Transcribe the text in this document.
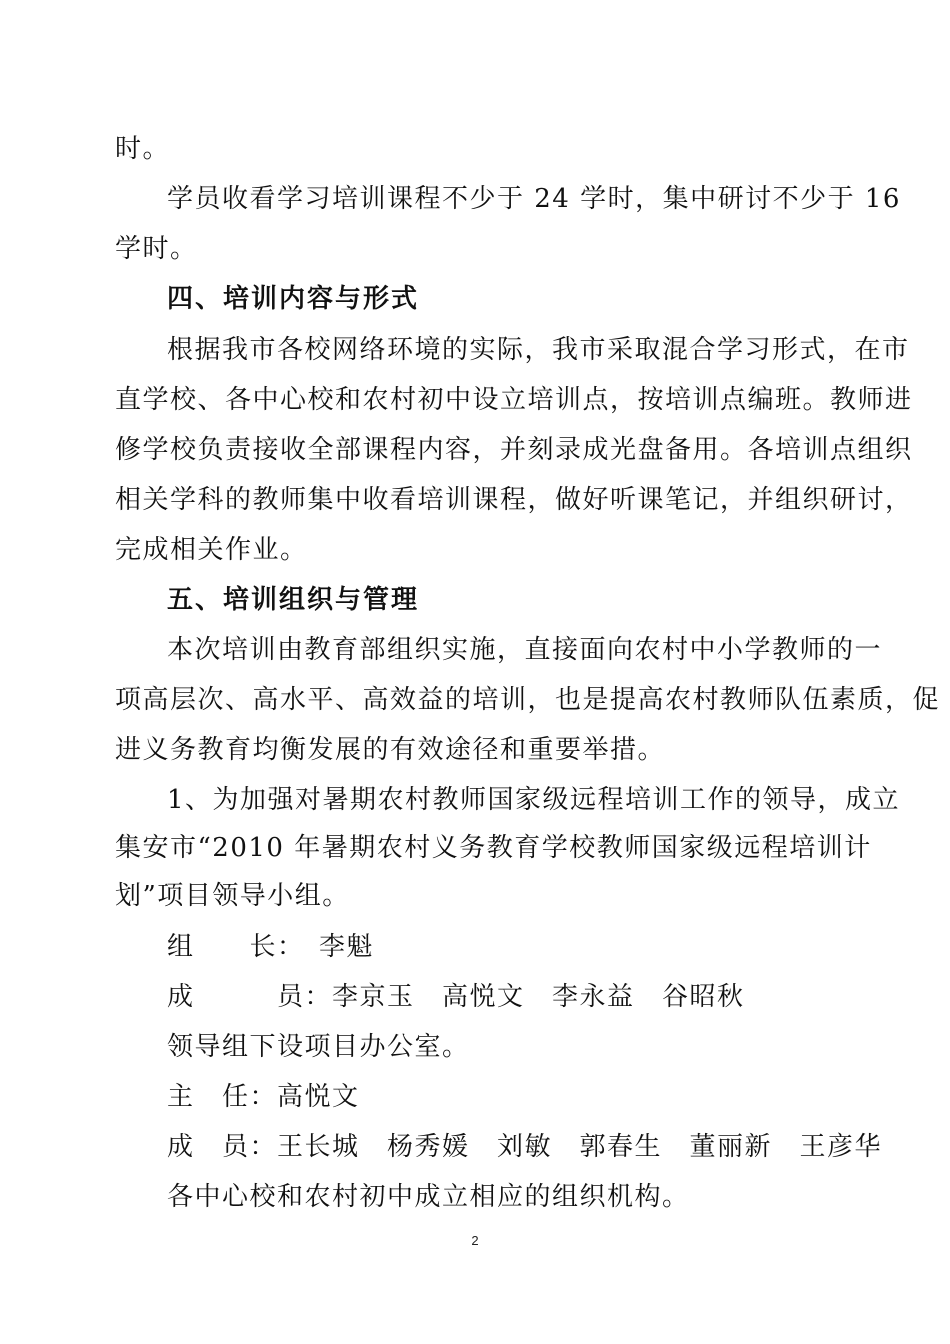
时。
学员收看学习培训课程不少于 24 学时，集中研讨不少于 16
学时。
四、培训内容与形式
根据我市各校网络环境的实际，我市采取混合学习形式，在市
直学校、各中心校和农村初中设立培训点，按培训点编班。教师进
修学校负责接收全部课程内容，并刻录成光盘备用。各培训点组织
相关学科的教师集中收看培训课程，做好听课笔记，并组织研讨，
完成相关作业。
五、培训组织与管理
本次培训由教育部组织实施，直接面向农村中小学教师的一
项高层次、高水平、高效益的培训，也是提高农村教师队伍素质，促
进义务教育均衡发展的有效途径和重要举措。
1、为加强对暑期农村教师国家级远程培训工作的领导，成立
集安市“2010 年暑期农村义务教育学校教师国家级远程培训计
划”项目领导小组。
组　　长：　李魁
成　　　员：李京玉　高悦文　李永益　谷昭秋
领导组下设项目办公室。
主　任：高悦文
成　员：王长城　杨秀媛　刘敏　郭春生　董丽新　王彦华
各中心校和农村初中成立相应的组织机构。
2
